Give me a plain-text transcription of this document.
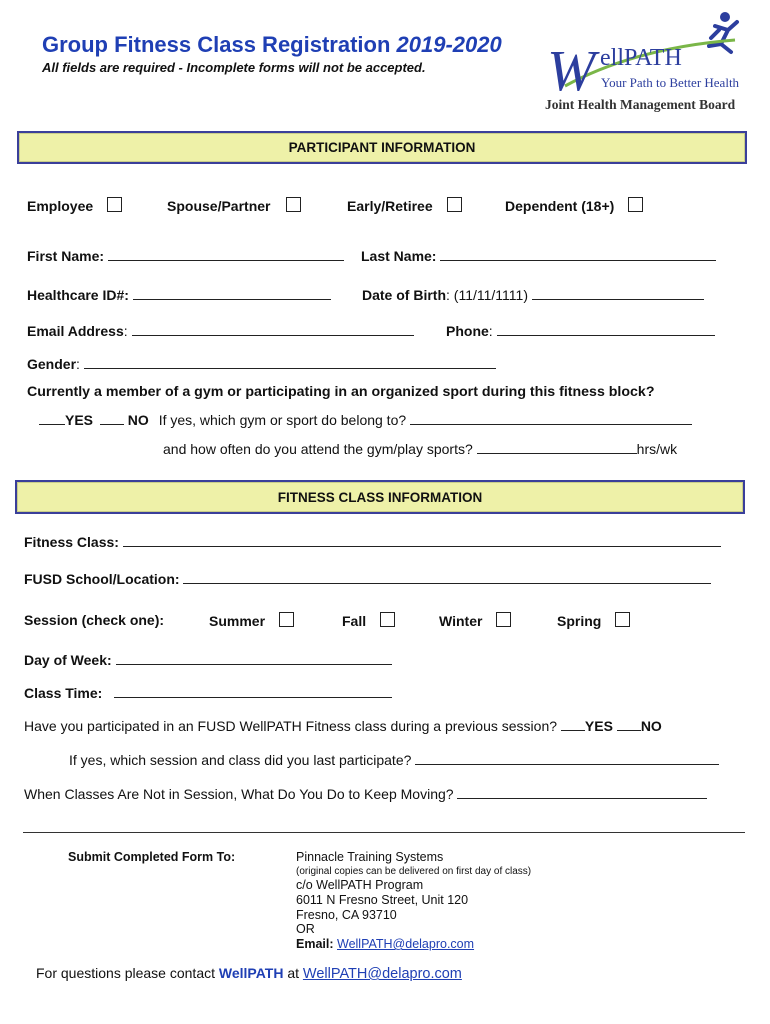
Group Fitness Class Registration 2019-2020
All fields are required - Incomplete forms will not be accepted. W ellPATH
Your Path to Better Health
Joint Health Management Board
PARTICIPANT INFORMATION
Employee	Spouse/Partner	Early/Retiree	Dependent (18+)
First Name:	Last Name:
Healthcare ID#:	Date of Birth: (11/11/1111)
Email Address:	Phone:
Gender:
Currently a member of a gym or participating in an organized sport during this fitness block?
YES NO If yes, which gym or sport do belong to?
and how often do you attend the gym/play sports?	hrs/wk
FITNESS CLASS INFORMATION
Fitness Class:
FUSD School/Location:
Session (check one):	Summer	Fall	Winter	Spring
Day of Week:
Class Time:
Have you participated in an FUSD WellPATH Fitness class during a previous session? YES NO
If yes, which session and class did you last participate?
When Classes Are Not in Session, What Do You Do to Keep Moving?
Submit Completed Form To:	Pinnacle Training Systems
(original copies can be delivered on first day of class)
c/o WellPATH Program
6011 N Fresno Street, Unit 120
Fresno, CA 93710
OR
Email: WellPATH@delapro.com
For questions please contact WellPATH at WellPATH@delapro.com
